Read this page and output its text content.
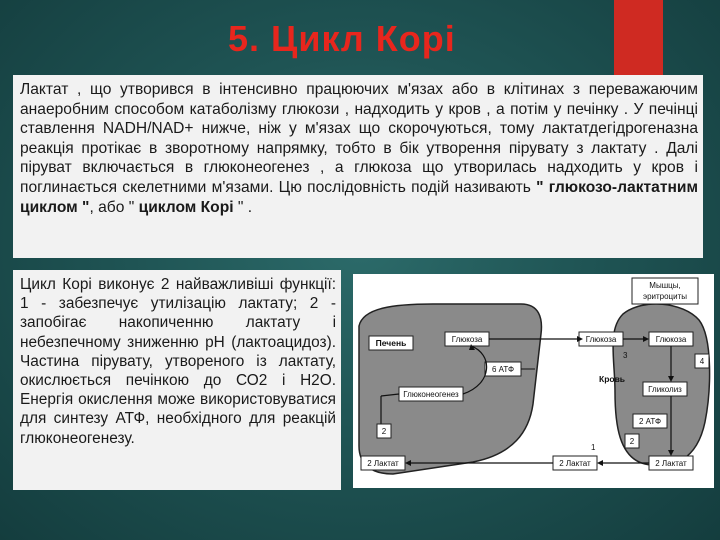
5. Цикл Корі
Лактат , що утворився в інтенсивно працюючих м'язах або в клітинах з переважаючим анаеробним способом катаболізму глюкози , надходить у кров , а потім у печінку . У печінці ставлення NADH/NAD+ нижче, ніж у м'язах що скорочуються, тому лактатдегідрогеназна реакція протікає в зворотному напрямку, тобто в бік утворення пірувату з лактату . Далі піруват включається в глюконеогенез , а глюкоза що утворилась надходить у кров і поглинається скелетними м'язами. Цю послідовність подій називають " глюкозо-лактатним циклом ", або " циклом Корі " .
Цикл Корі виконує 2 найважливіші функції: 1 - забезпечує утилізацію лактату; 2 - запобігає накопиченню лактату і небезпечному зниженню рН (лактоацидоз). Частина пірувату, утвореного із лактату, окислюється печінкою до СО2 і Н2О. Енергія окислення може використовуватися для синтезу АТФ, необхідного для реакцій глюконеогенезу.
Мышцы,
эритроциты
Печень	Глюкоза	Глюкоза	Глюкоза
6 АТФ
Глюконеогенез
2
2 Лактат	2 Лактат	2 Лактат
1
Кровь
3
4
Гликолиз
2 АТФ
2
